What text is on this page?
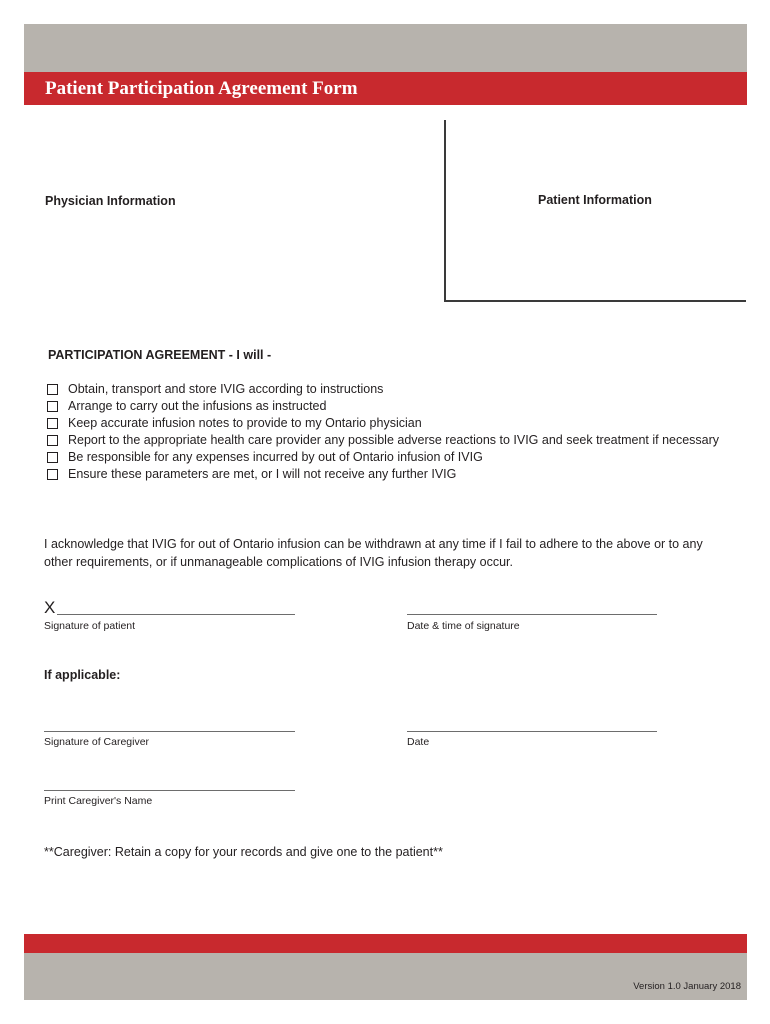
Patient Participation Agreement Form
Physician Information	Patient Information
PARTICIPATION AGREEMENT - I will -
Obtain, transport and store IVIG according to instructions
Arrange to carry out the infusions as instructed
Keep accurate infusion notes to provide to my Ontario physician
Report to the appropriate health care provider any possible adverse reactions to IVIG and seek treatment if necessary
Be responsible for any expenses incurred by out of Ontario infusion of IVIG
Ensure these parameters are met, or I will not receive any further IVIG
I acknowledge that IVIG for out of Ontario infusion can be withdrawn at any time if I fail to adhere to the above or to any other requirements, or if unmanageable complications of IVIG infusion therapy occur.
X
Signature of patient	Date & time of signature
If applicable:
Signature of Caregiver	Date
Print Caregiver's Name
**Caregiver: Retain a copy for your records and give one to the patient**
Version 1.0 January 2018
